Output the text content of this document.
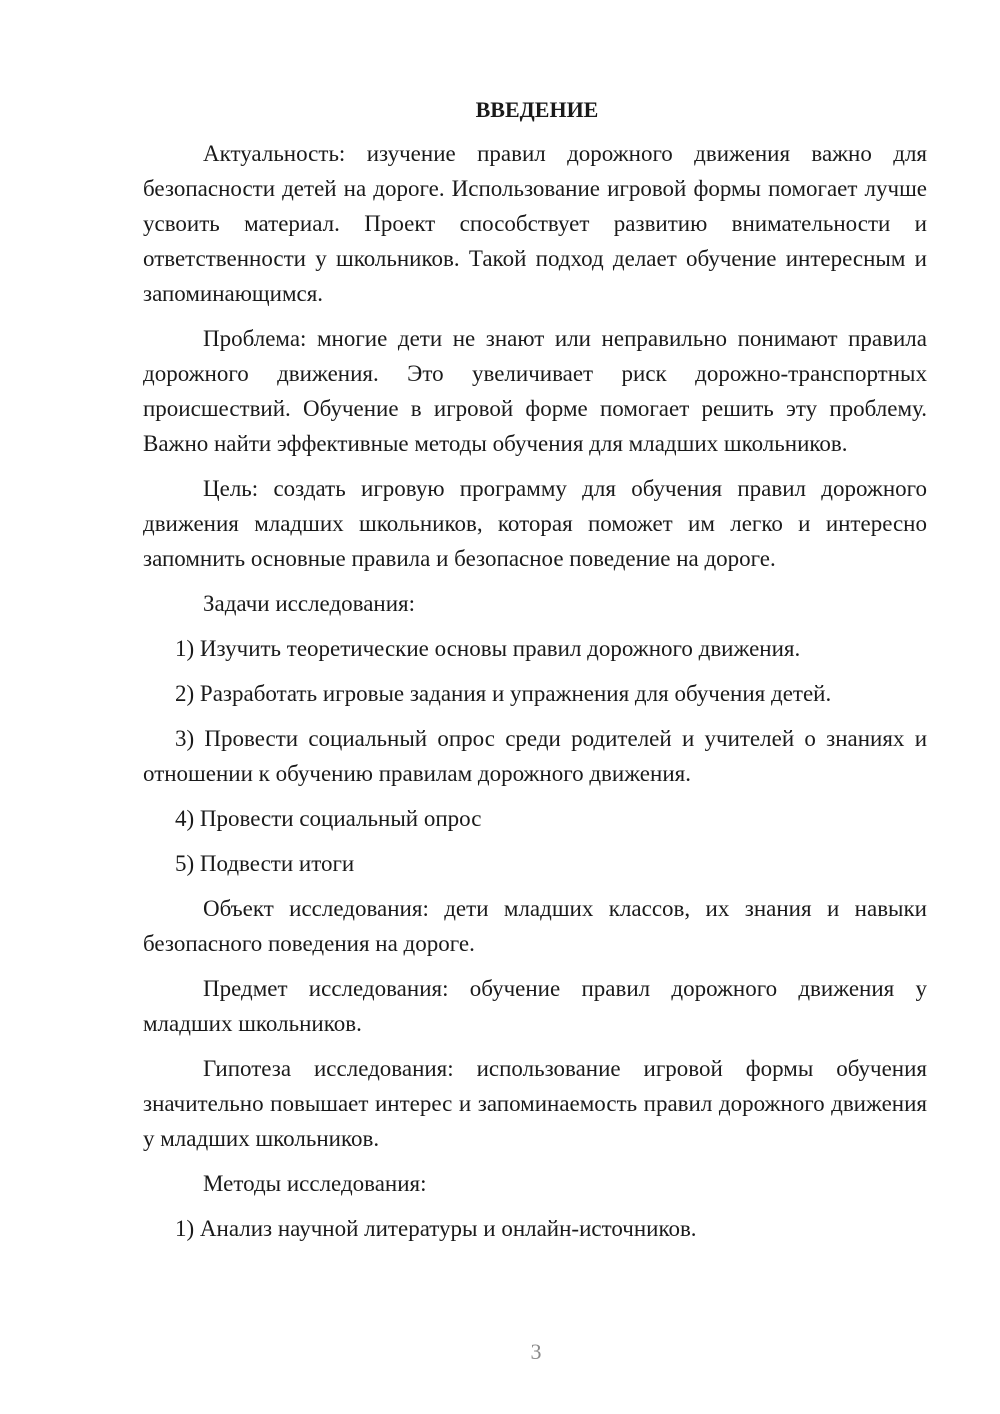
ВВЕДЕНИЕ

Актуальность: изучение правил дорожного движения важно для безопасности детей на дороге. Использование игровой формы помогает лучше усвоить материал. Проект способствует развитию внимательности и ответственности у школьников. Такой подход делает обучение интересным и запоминающимся.

Проблема: многие дети не знают или неправильно понимают правила дорожного движения. Это увеличивает риск дорожно-транспортных происшествий. Обучение в игровой форме помогает решить эту проблему. Важно найти эффективные методы обучения для младших школьников.

Цель: создать игровую программу для обучения правил дорожного движения младших школьников, которая поможет им легко и интересно запомнить основные правила и безопасное поведение на дороге.

Задачи исследования:

1) Изучить теоретические основы правил дорожного движения.

2) Разработать игровые задания и упражнения для обучения детей.

3) Провести социальный опрос среди родителей и учителей о знаниях и отношении к обучению правилам дорожного движения.

4) Провести социальный опрос

5) Подвести итоги

Объект исследования: дети младших классов, их знания и навыки безопасного поведения на дороге.

Предмет исследования: обучение правил дорожного движения у младших школьников.

Гипотеза исследования: использование игровой формы обучения значительно повышает интерес и запоминаемость правил дорожного движения у младших школьников.

Методы исследования:

1) Анализ научной литературы и онлайн-источников.

3
